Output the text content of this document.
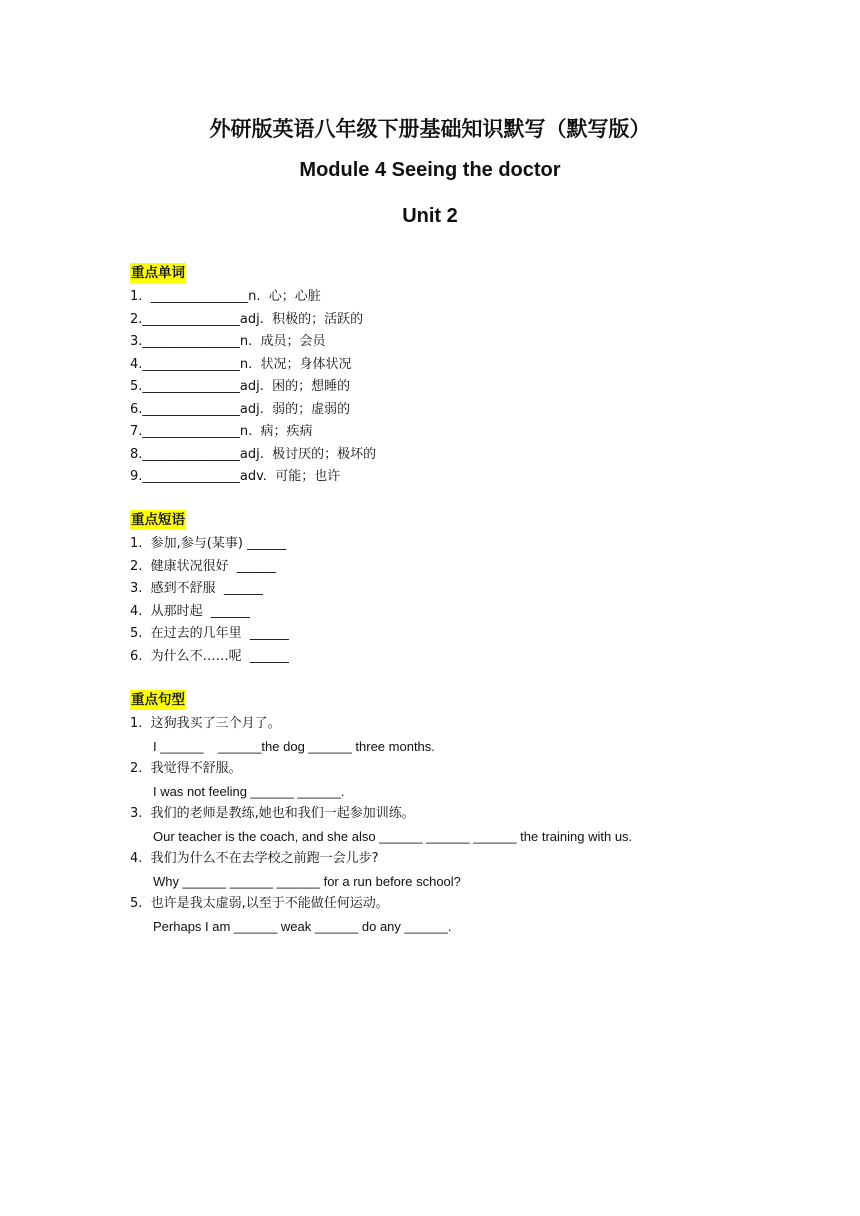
外研版英语八年级下册基础知识默写（默写版）
Module 4 Seeing the doctor
Unit 2
重点单词
1.  _______________n.  心；心脏
2._______________adj.  积极的；活跃的
3._______________n.  成员；会员
4._______________n.  状况；身体状况
5._______________adj.  困的；想睡的
6._______________adj.  弱的；虚弱的
7._______________n.  病；疾病
8._______________adj.  极讨厌的；极坏的
9._______________adv.  可能；也许
重点短语
1.  参加,参与(某事) ______
2.  健康状况很好  ______
3.  感到不舒服  ______
4.  从那时起  ______
5.  在过去的几年里  ______
6.  为什么不……呢  ______
重点句型
1.  这狗我买了三个月了。
I ______    ______the dog ______ three months.
2.  我觉得不舒服。
I was not feeling ______ ______.
3.  我们的老师是教练,她也和我们一起参加训练。
Our teacher is the coach, and she also ______ ______ ______ the training with us.
4.  我们为什么不在去学校之前跑一会儿步?
Why ______ ______ ______ for a run before school?
5.  也许是我太虚弱,以至于不能做任何运动。
Perhaps I am ______ weak ______ do any ______.
